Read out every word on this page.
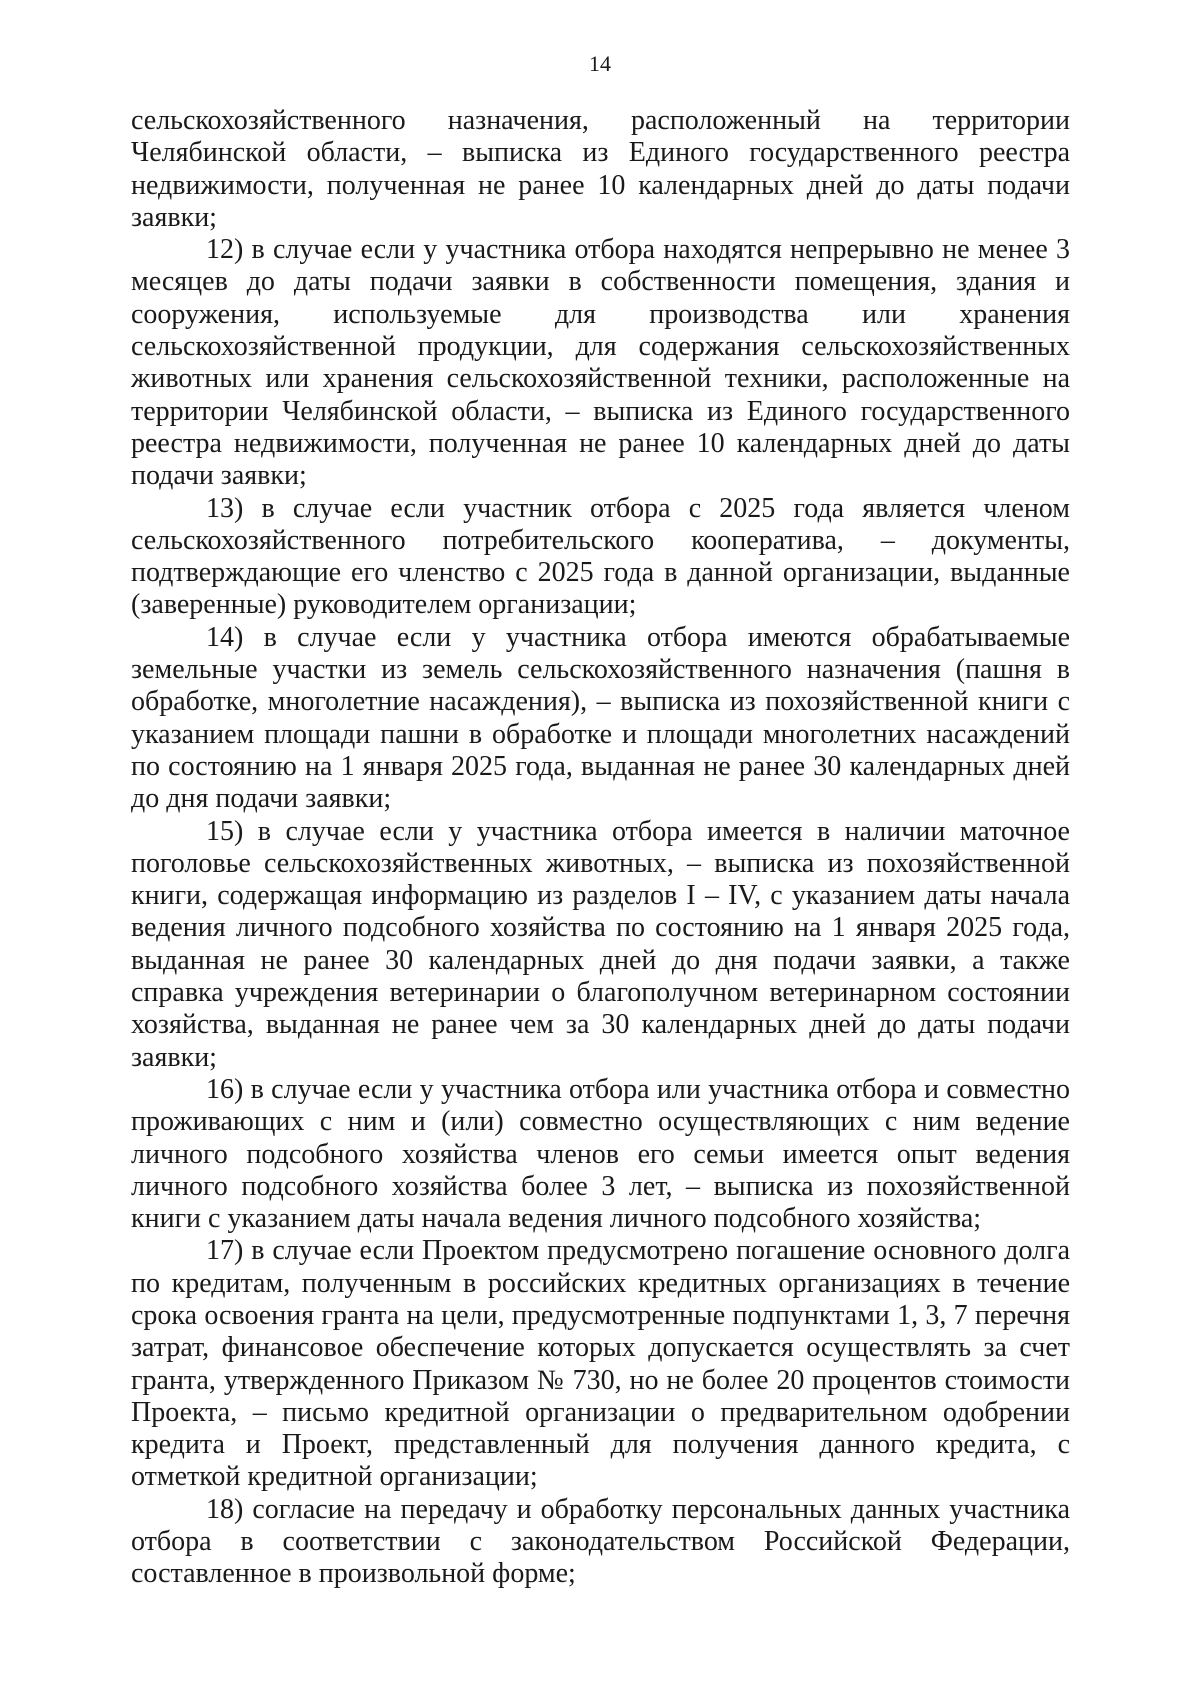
14

сельскохозяйственного назначения, расположенный на территории Челябинской области, – выписка из Единого государственного реестра недвижимости, полученная не ранее 10 календарных дней до даты подачи заявки;

12) в случае если у участника отбора находятся непрерывно не менее 3 месяцев до даты подачи заявки в собственности помещения, здания и сооружения, используемые для производства или хранения сельскохозяйственной продукции, для содержания сельскохозяйственных животных или хранения сельскохозяйственной техники, расположенные на территории Челябинской области, – выписка из Единого государственного реестра недвижимости, полученная не ранее 10 календарных дней до даты подачи заявки;

13) в случае если участник отбора с 2025 года является членом сельскохозяйственного потребительского кооператива, – документы, подтверждающие его членство с 2025 года в данной организации, выданные (заверенные) руководителем организации;

14) в случае если у участника отбора имеются обрабатываемые земельные участки из земель сельскохозяйственного назначения (пашня в обработке, многолетние насаждения), – выписка из похозяйственной книги с указанием площади пашни в обработке и площади многолетних насаждений по состоянию на 1 января 2025 года, выданная не ранее 30 календарных дней до дня подачи заявки;

15) в случае если у участника отбора имеется в наличии маточное поголовье сельскохозяйственных животных, – выписка из похозяйственной книги, содержащая информацию из разделов I – IV, с указанием даты начала ведения личного подсобного хозяйства по состоянию на 1 января 2025 года, выданная не ранее 30 календарных дней до дня подачи заявки, а также справка учреждения ветеринарии о благополучном ветеринарном состоянии хозяйства, выданная не ранее чем за 30 календарных дней до даты подачи заявки;

16) в случае если у участника отбора или участника отбора и совместно проживающих с ним и (или) совместно осуществляющих с ним ведение личного подсобного хозяйства членов его семьи имеется опыт ведения личного подсобного хозяйства более 3 лет, – выписка из похозяйственной книги с указанием даты начала ведения личного подсобного хозяйства;

17) в случае если Проектом предусмотрено погашение основного долга по кредитам, полученным в российских кредитных организациях в течение срока освоения гранта на цели, предусмотренные подпунктами 1, 3, 7 перечня затрат, финансовое обеспечение которых допускается осуществлять за счет гранта, утвержденного Приказом № 730, но не более 20 процентов стоимости Проекта, – письмо кредитной организации о предварительном одобрении кредита и Проект, представленный для получения данного кредита, с отметкой кредитной организации;

18) согласие на передачу и обработку персональных данных участника отбора в соответствии с законодательством Российской Федерации, составленное в произвольной форме;
